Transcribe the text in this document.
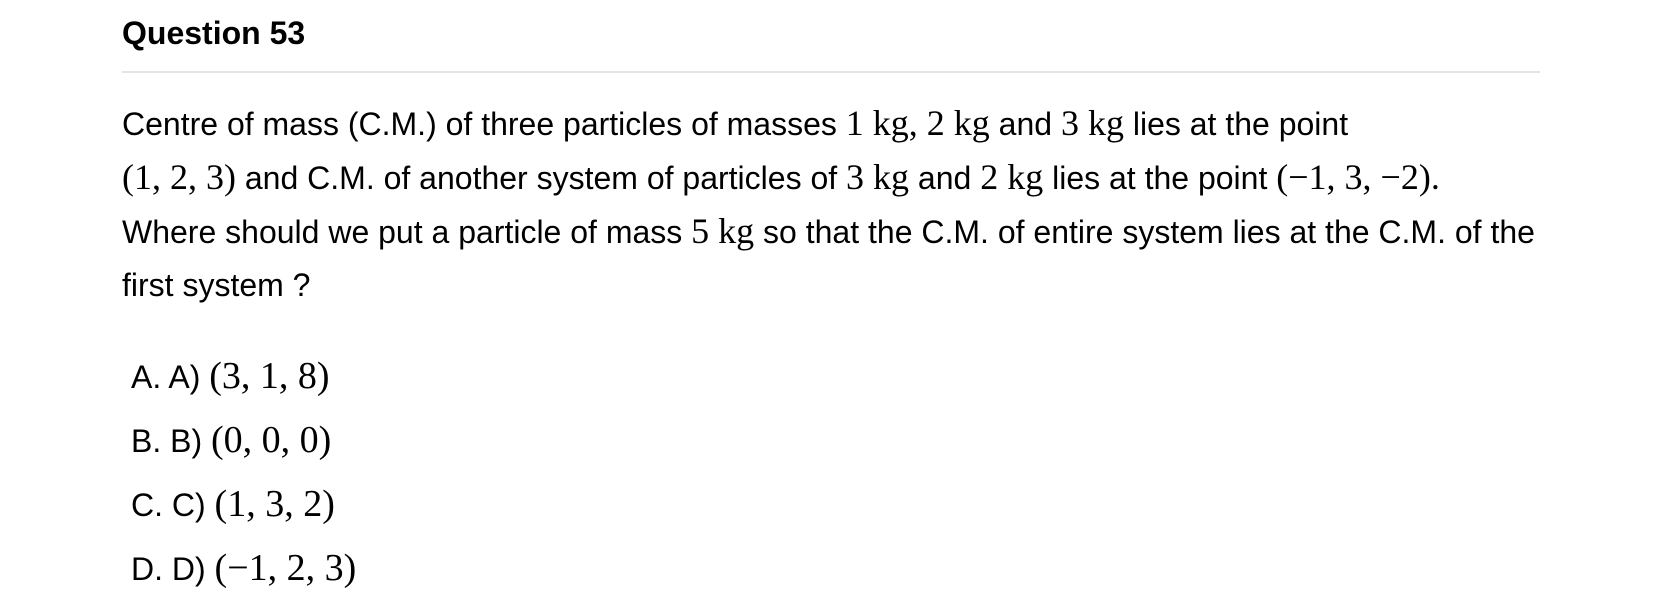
Question 53

Centre of mass (C.M.) of three particles of masses 1 kg, 2 kg and 3 kg lies at the point
(1, 2, 3) and C.M. of another system of particles of 3 kg and 2 kg lies at the point (−1, 3, −2). Where should we put a particle of mass 5 kg so that the C.M. of entire system lies at the C.M. of the first system ?

A. A) (3, 1, 8)
B. B) (0, 0, 0)
C. C) (1, 3, 2)
D. D) (−1, 2, 3)
